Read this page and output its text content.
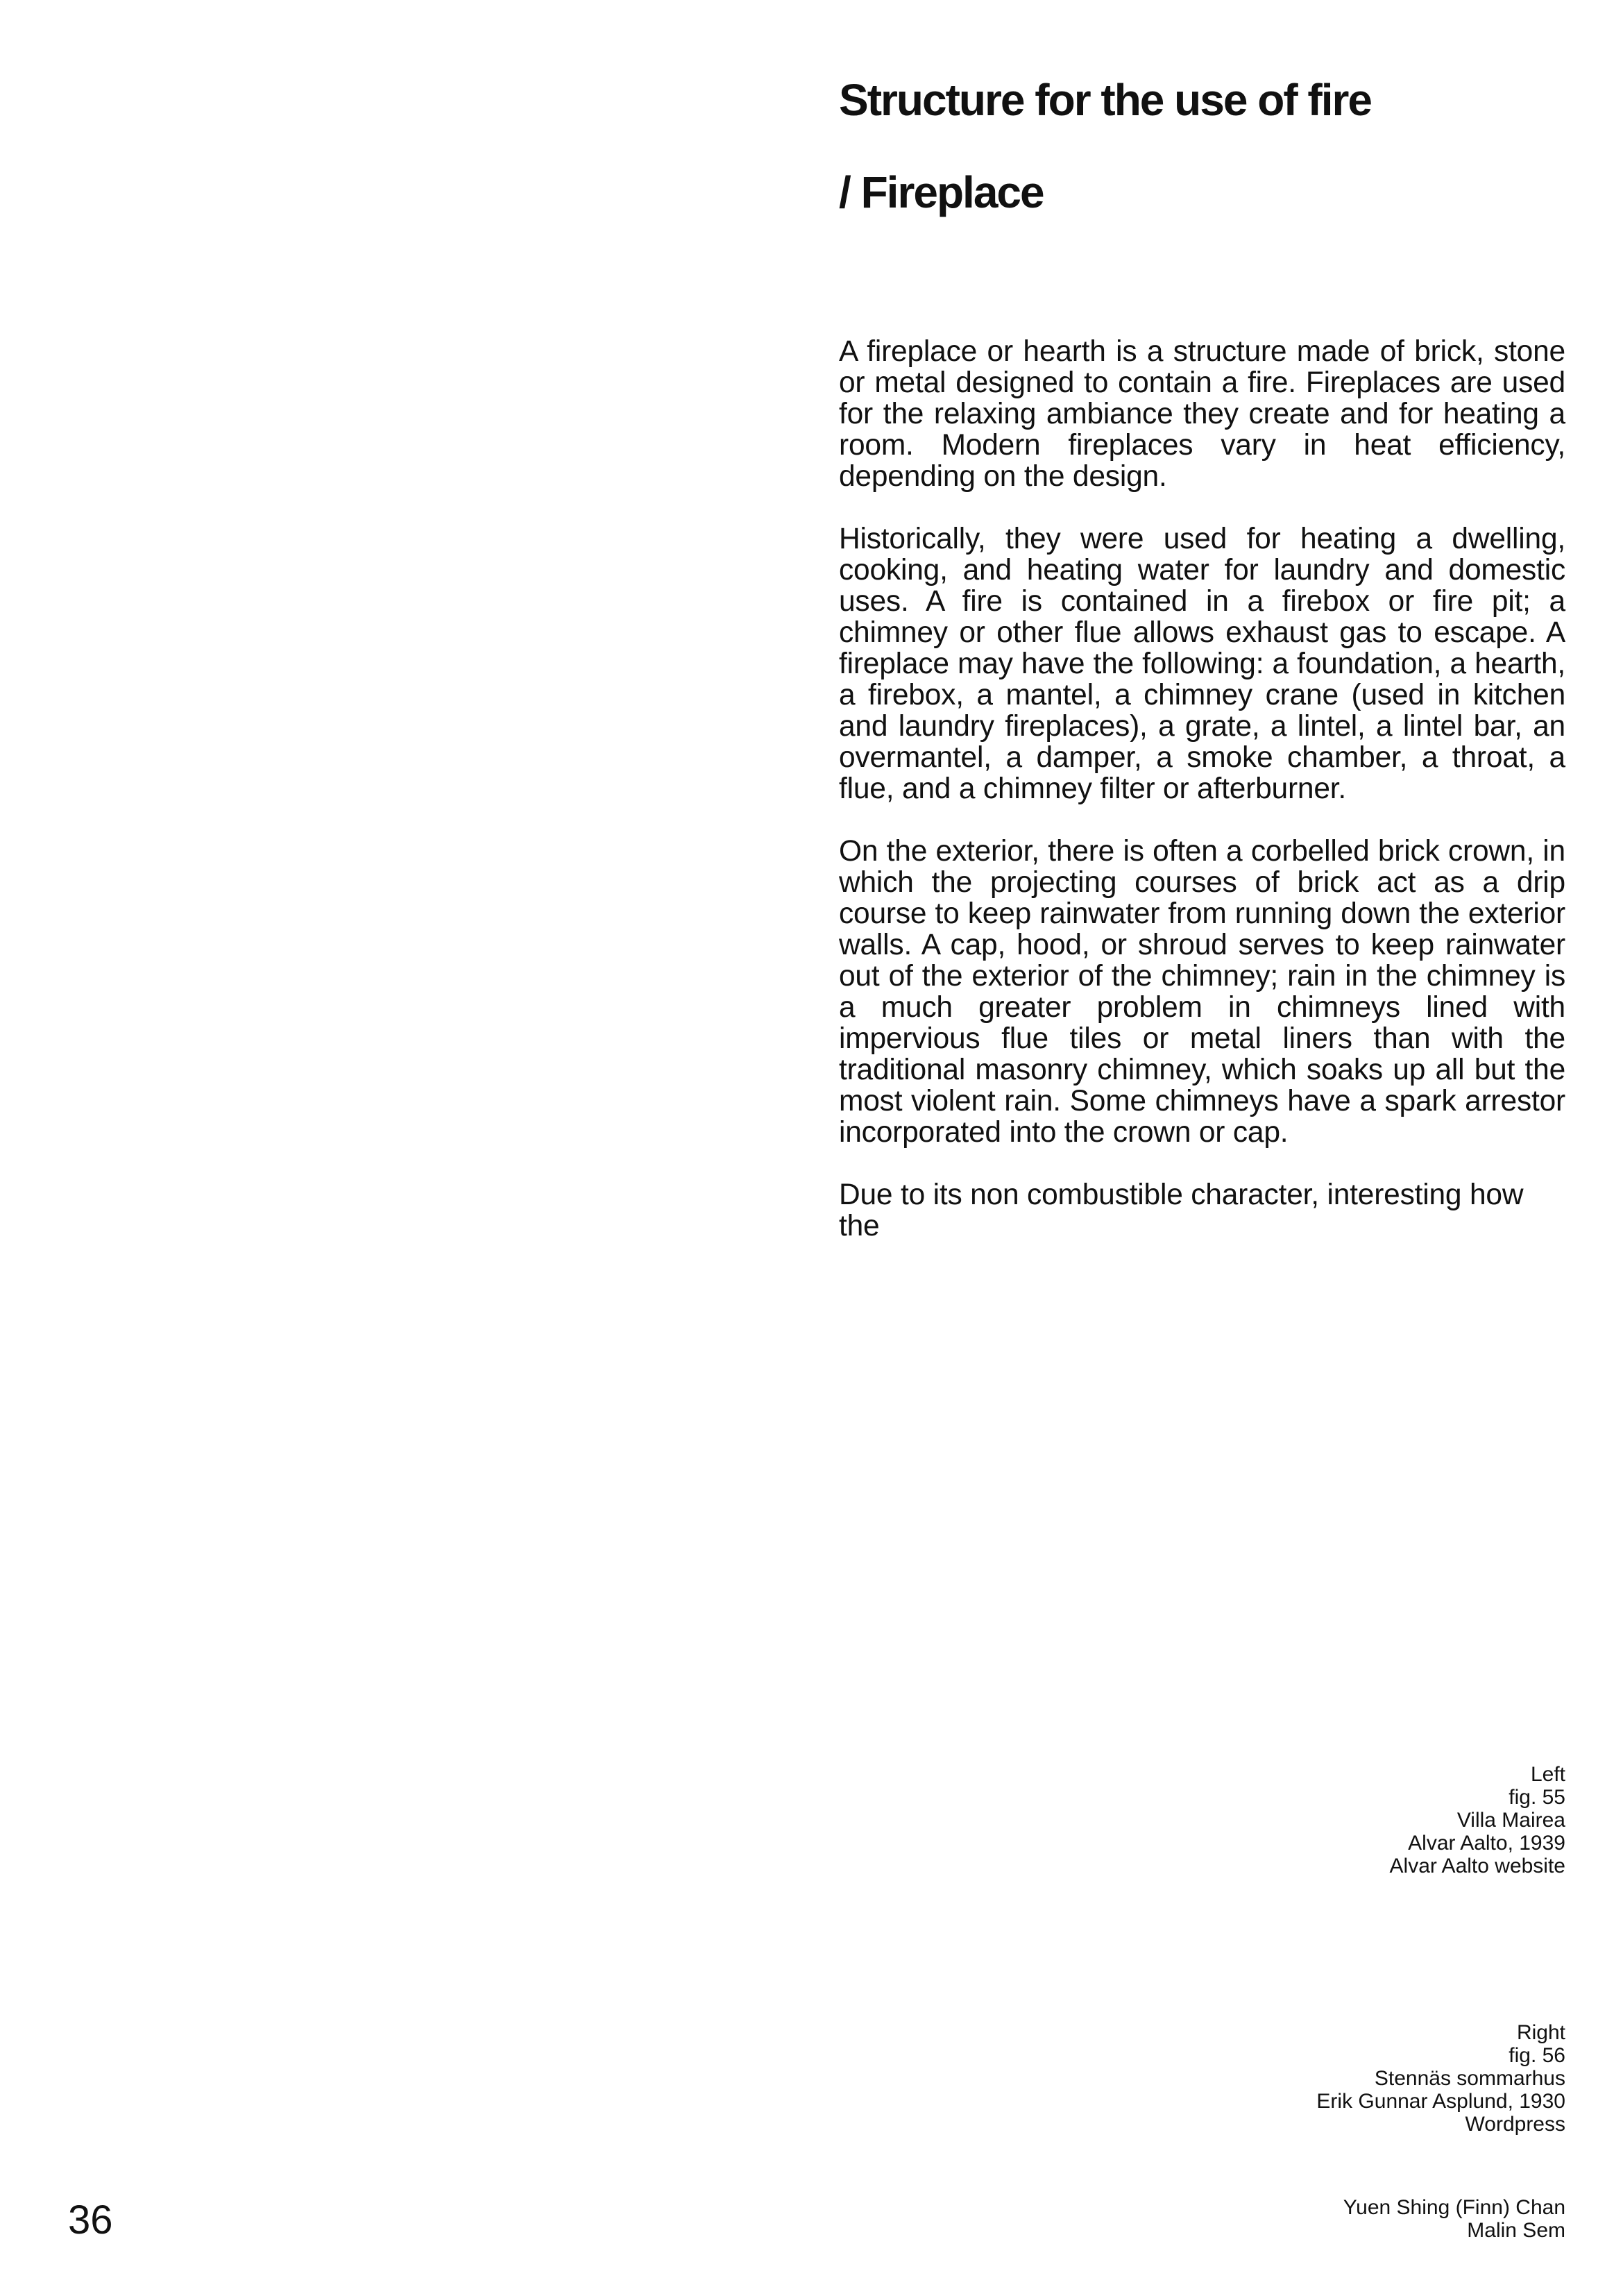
Structure for the use of fire
/ Fireplace

A fireplace or hearth is a structure made of brick, stone or metal designed to contain a fire. Fireplaces are used for the relaxing ambiance they create and for heating a room. Modern fireplaces vary in heat efficiency, depending on the design.

Historically, they were used for heating a dwelling, cooking, and heating water for laundry and domestic uses. A fire is contained in a firebox or fire pit; a chimney or other flue allows exhaust gas to escape. A fireplace may have the following: a foundation, a hearth, a firebox, a mantel, a chimney crane (used in kitchen and laundry fireplaces), a grate, a lintel, a lintel bar, an overmantel, a damper, a smoke chamber, a throat, a flue, and a chimney filter or afterburner.

On the exterior, there is often a corbelled brick crown, in which the projecting courses of brick act as a drip course to keep rainwater from running down the exterior walls. A cap, hood, or shroud serves to keep rainwater out of the exterior of the chimney; rain in the chimney is a much greater problem in chimneys lined with impervious flue tiles or metal liners than with the traditional masonry chimney, which soaks up all but the most violent rain. Some chimneys have a spark arrestor incorporated into the crown or cap.

Due to its non combustible character, interesting how the

Left
fig. 55
Villa Mairea
Alvar Aalto, 1939
Alvar Aalto website
Right
fig. 56
Stennäs sommarhus
Erik Gunnar Asplund, 1930
Wordpress
Yuen Shing (Finn) Chan
Malin Sem
36
